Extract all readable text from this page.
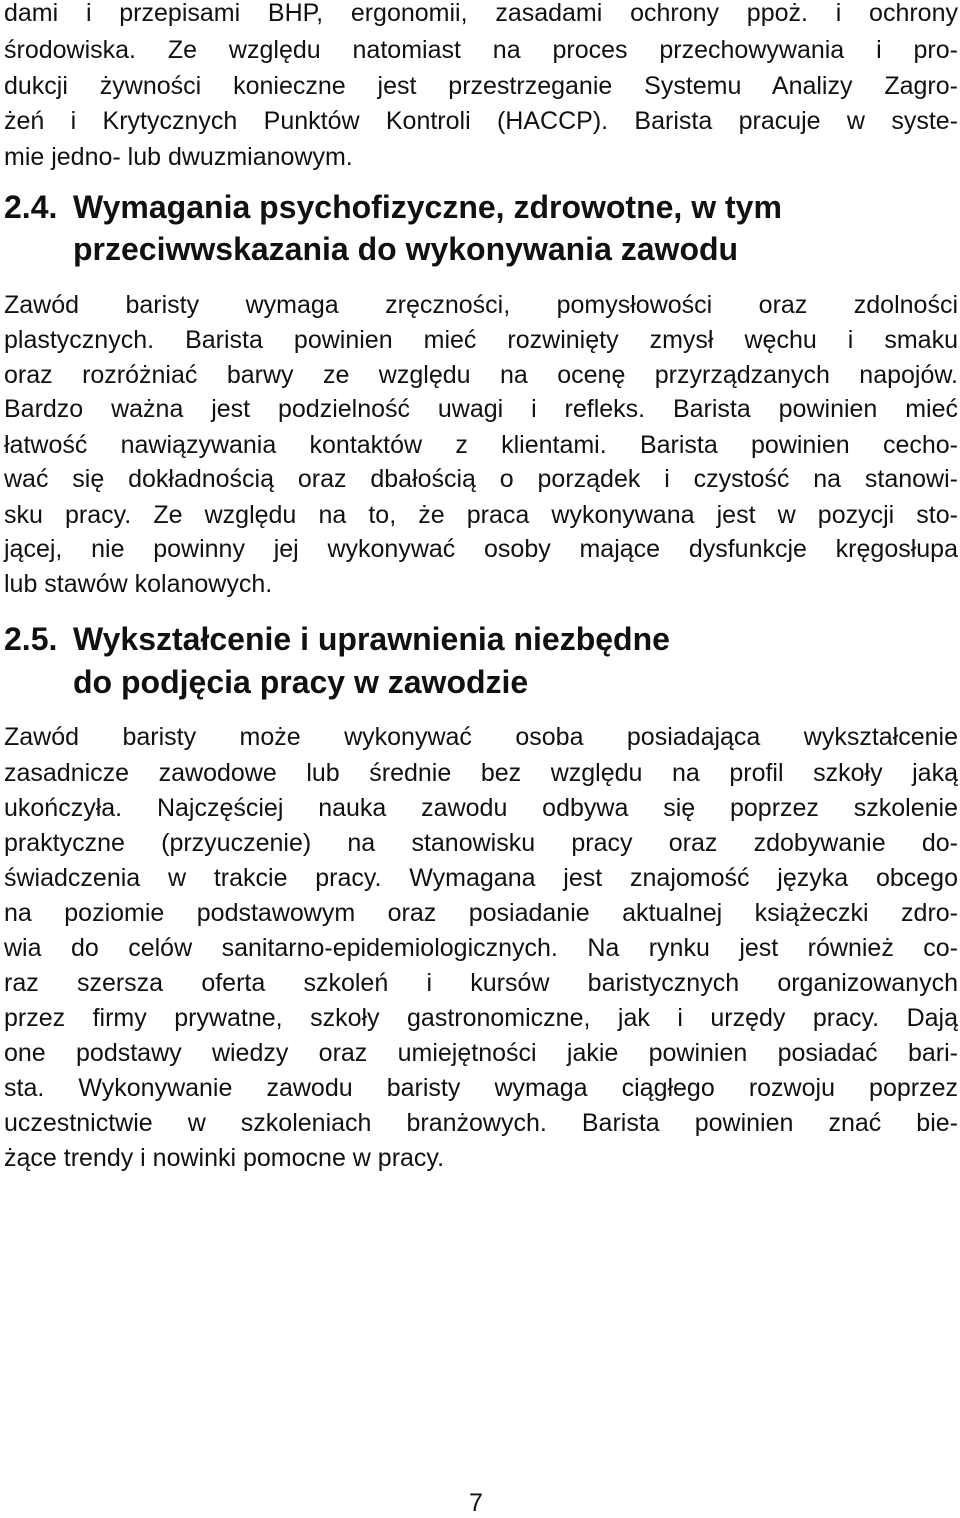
dami i przepisami BHP, ergonomii, zasadami ochrony ppoż. i ochrony
środowiska. Ze względu natomiast na proces przechowywania i pro-
dukcji żywności konieczne jest przestrzeganie Systemu Analizy Zagro-
żeń i Krytycznych Punktów Kontroli (HACCP). Barista pracuje w syste-
mie jedno- lub dwuzmianowym.
2.4. Wymagania psychofizyczne, zdrowotne, w tym
przeciwwskazania do wykonywania zawodu
Zawód baristy wymaga zręczności, pomysłowości oraz zdolności
plastycznych. Barista powinien mieć rozwinięty zmysł węchu i smaku
oraz rozróżniać barwy ze względu na ocenę przyrządzanych napojów.
Bardzo ważna jest podzielność uwagi i refleks. Barista powinien mieć
łatwość nawiązywania kontaktów z klientami. Barista powinien cecho-
wać się dokładnością oraz dbałością o porządek i czystość na stanowi-
sku pracy. Ze względu na to, że praca wykonywana jest w pozycji sto-
jącej, nie powinny jej wykonywać osoby mające dysfunkcje kręgosłupa
lub stawów kolanowych.
2.5. Wykształcenie i uprawnienia niezbędne
do podjęcia pracy w zawodzie
Zawód baristy może wykonywać osoba posiadająca wykształcenie
zasadnicze zawodowe lub średnie bez względu na profil szkoły jaką
ukończyła. Najczęściej nauka zawodu odbywa się poprzez szkolenie
praktyczne (przyuczenie) na stanowisku pracy oraz zdobywanie do-
świadczenia w trakcie pracy. Wymagana jest znajomość języka obcego
na poziomie podstawowym oraz posiadanie aktualnej książeczki zdro-
wia do celów sanitarno-epidemiologicznych. Na rynku jest również co-
raz szersza oferta szkoleń i kursów baristycznych organizowanych
przez firmy prywatne, szkoły gastronomiczne, jak i urzędy pracy. Dają
one podstawy wiedzy oraz umiejętności jakie powinien posiadać bari-
sta. Wykonywanie zawodu baristy wymaga ciągłego rozwoju poprzez
uczestnictwie w szkoleniach branżowych. Barista powinien znać bie-
żące trendy i nowinki pomocne w pracy.
7
